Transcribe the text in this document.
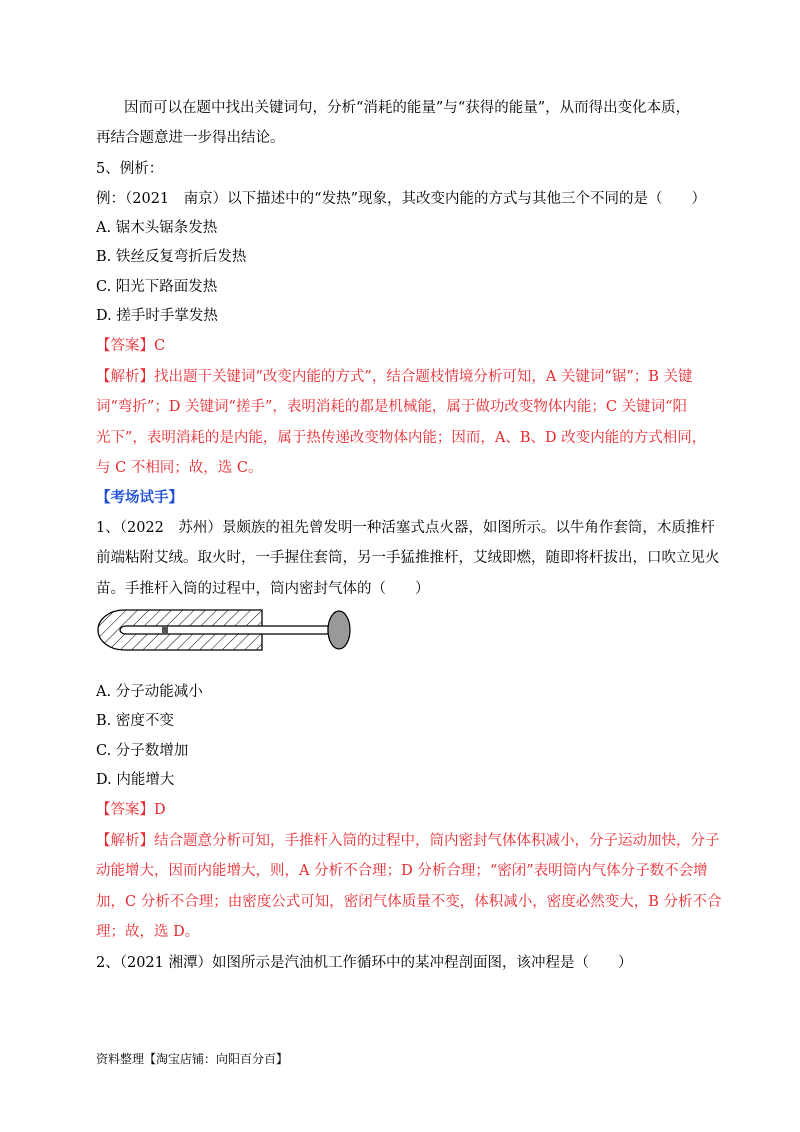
因而可以在题中找出关键词句，分析“消耗的能量”与“获得的能量”，从而得出变化本质，
再结合题意进一步得出结论。
5、例析：
例：（2021　南京）以下描述中的“发热”现象，其改变内能的方式与其他三个不同的是（　　）
A. 锯木头锯条发热
B. 铁丝反复弯折后发热
C. 阳光下路面发热
D. 搓手时手掌发热
【答案】C
【解析】找出题干关键词“改变内能的方式”，结合题枝情境分析可知，A 关键词“锯”；B 关键
词“弯折”；D 关键词“搓手”，表明消耗的都是机械能，属于做功改变物体内能；C 关键词“阳
光下”，表明消耗的是内能，属于热传递改变物体内能；因而，A、B、D 改变内能的方式相同，
与 C 不相同；故，选 C。
【考场试手】
1、（2022　苏州）景颇族的祖先曾发明一种活塞式点火器，如图所示。以牛角作套筒，木质推杆
前端粘附艾绒。取火时，一手握住套筒，另一手猛推推杆，艾绒即燃，随即将杆拔出，口吹立见火
苗。手推杆入筒的过程中，筒内密封气体的（　　）
A. 分子动能减小
B. 密度不变
C. 分子数增加
D. 内能增大
【答案】D
【解析】结合题意分析可知，手推杆入筒的过程中，筒内密封气体体积减小，分子运动加快，分子
动能增大，因而内能增大，则，A 分析不合理；D 分析合理；“密闭”表明筒内气体分子数不会增
加，C 分析不合理；由密度公式可知，密闭气体质量不变，体积减小，密度必然变大，B 分析不合
理；故，选 D。
2、（2021 湘潭）如图所示是汽油机工作循环中的某冲程剖面图，该冲程是（　　）
资料整理【淘宝店铺：向阳百分百】
